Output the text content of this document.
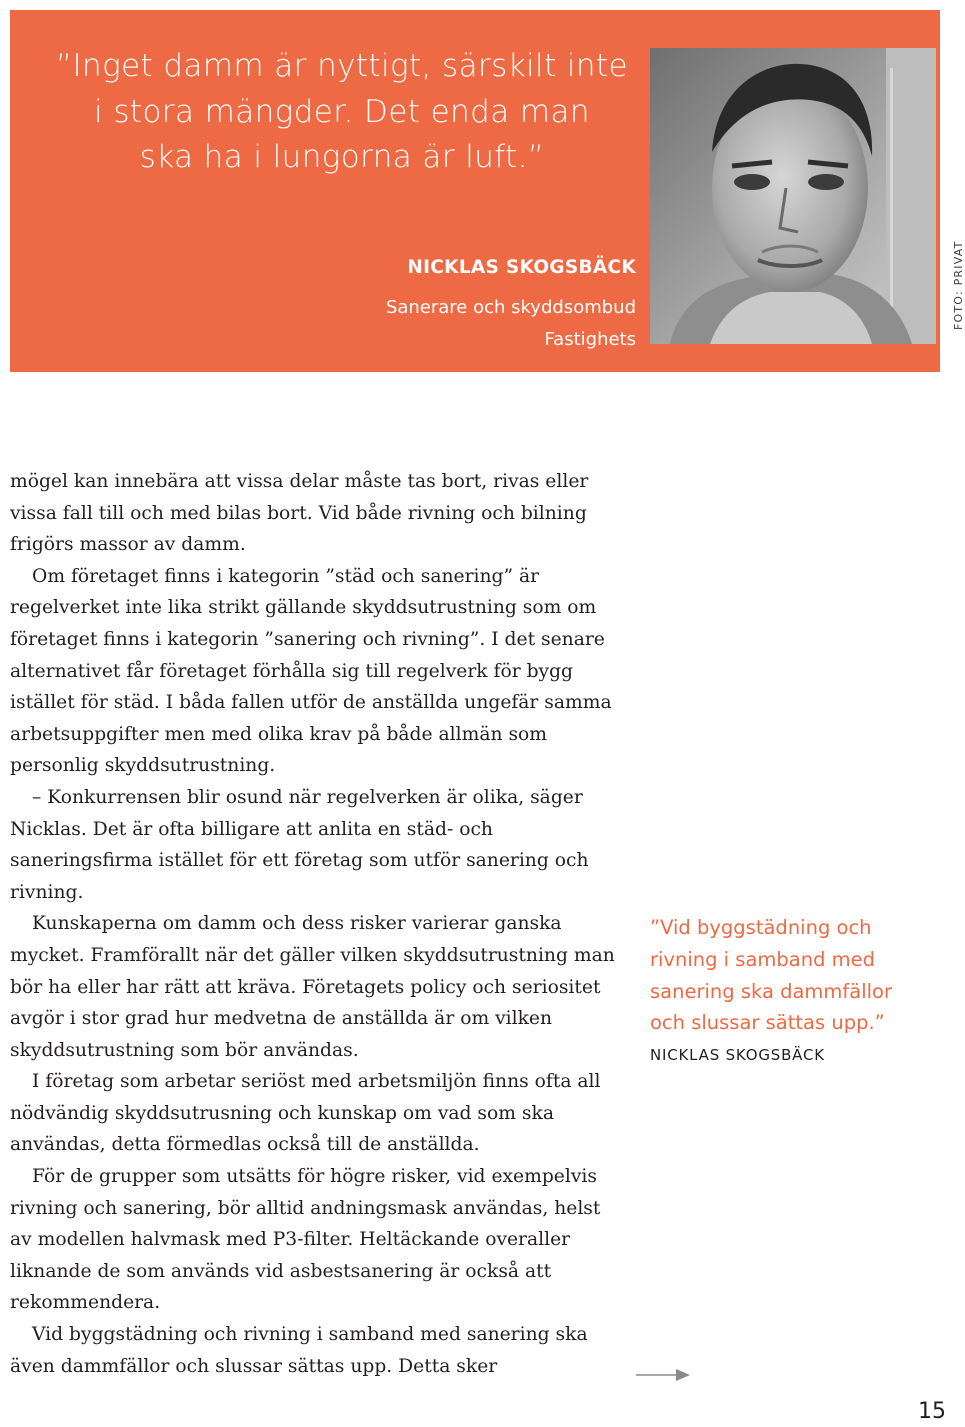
”Inget damm är nyttigt, särskilt inte
i stora mängder. Det enda man
ska ha i lungorna är luft.”
NICKLAS SKOGSBÄCK
Sanerare och skyddsombud
Fastighets
FOTO: PRIVAT

mögel kan innebära att vissa delar måste tas bort, rivas eller vissa fall till och med bilas bort. Vid både rivning och bilning frigörs massor av damm.

Om företaget finns i kategorin ”städ och sanering” är regelverket inte lika strikt gällande skyddsutrustning som om företaget finns i kategorin ”sanering och rivning”. I det senare alternativet får företaget förhålla sig till regelverk för bygg istället för städ. I båda fallen utför de anställda ungefär samma arbetsuppgifter men med olika krav på både allmän som personlig skyddsutrustning.

– Konkurrensen blir osund när regelverken är olika, säger Nicklas. Det är ofta billigare att anlita en städ- och saneringsfirma istället för ett företag som utför sanering och rivning.

Kunskaperna om damm och dess risker varierar ganska mycket. Framförallt när det gäller vilken skyddsutrustning man bör ha eller har rätt att kräva. Företagets policy och seriositet avgör i stor grad hur medvetna de anställda är om vilken skyddsutrustning som bör användas.

I företag som arbetar seriöst med arbetsmiljön finns ofta all nödvändig skyddsutrusning och kunskap om vad som ska användas, detta förmedlas också till de anställda.

För de grupper som utsätts för högre risker, vid exempelvis rivning och sanering, bör alltid andningsmask användas, helst av modellen halvmask med P3-filter. Heltäckande overaller liknande de som används vid asbestsanering är också att rekommendera.

Vid byggstädning och rivning i samband med sanering ska även dammfällor och slussar sättas upp. Detta sker

”Vid byggstädning och
rivning i samband med
sanering ska dammfällor
och slussar sättas upp.”
NICKLAS SKOGSBÄCK
15
